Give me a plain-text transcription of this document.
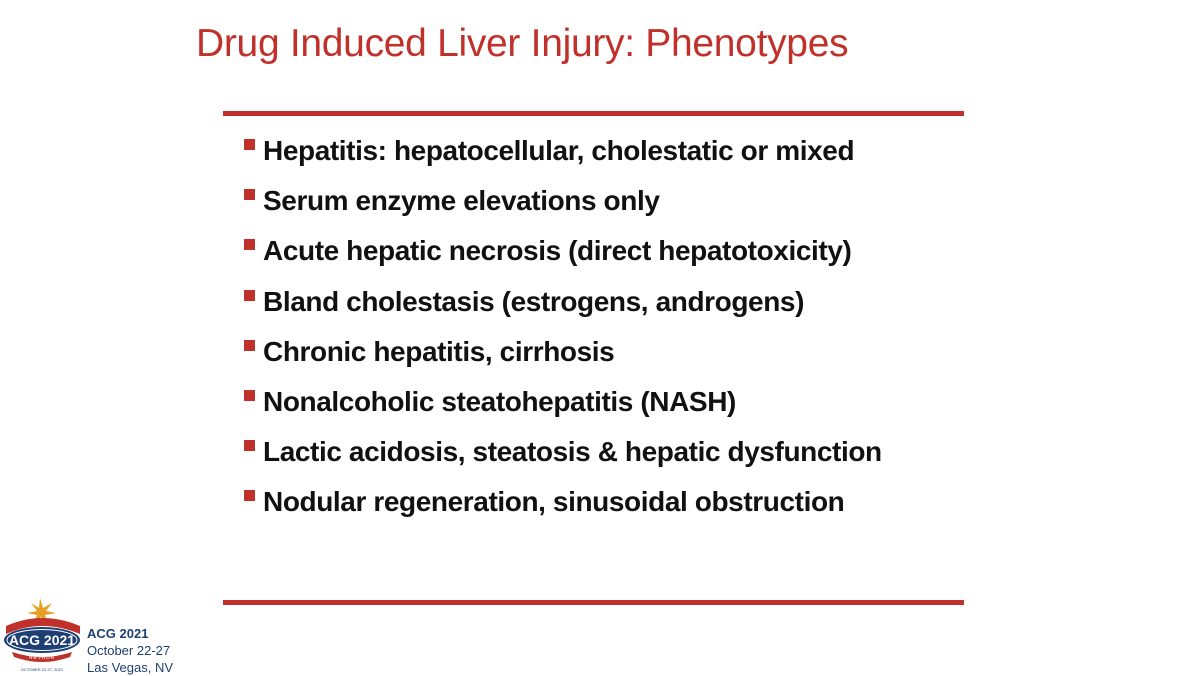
Drug Induced Liver Injury: Phenotypes
Hepatitis: hepatocellular, cholestatic or mixed
Serum enzyme elevations only
Acute hepatic necrosis (direct hepatotoxicity)
Bland cholestasis (estrogens, androgens)
Chronic hepatitis, cirrhosis
Nonalcoholic steatohepatitis (NASH)
Lactic acidosis, steatosis & hepatic dysfunction
Nodular regeneration, sinusoidal obstruction
ACG 2021
NEVADA
OCTOBER 22-27, 2021
ACG 2021
October 22-27
Las Vegas, NV
